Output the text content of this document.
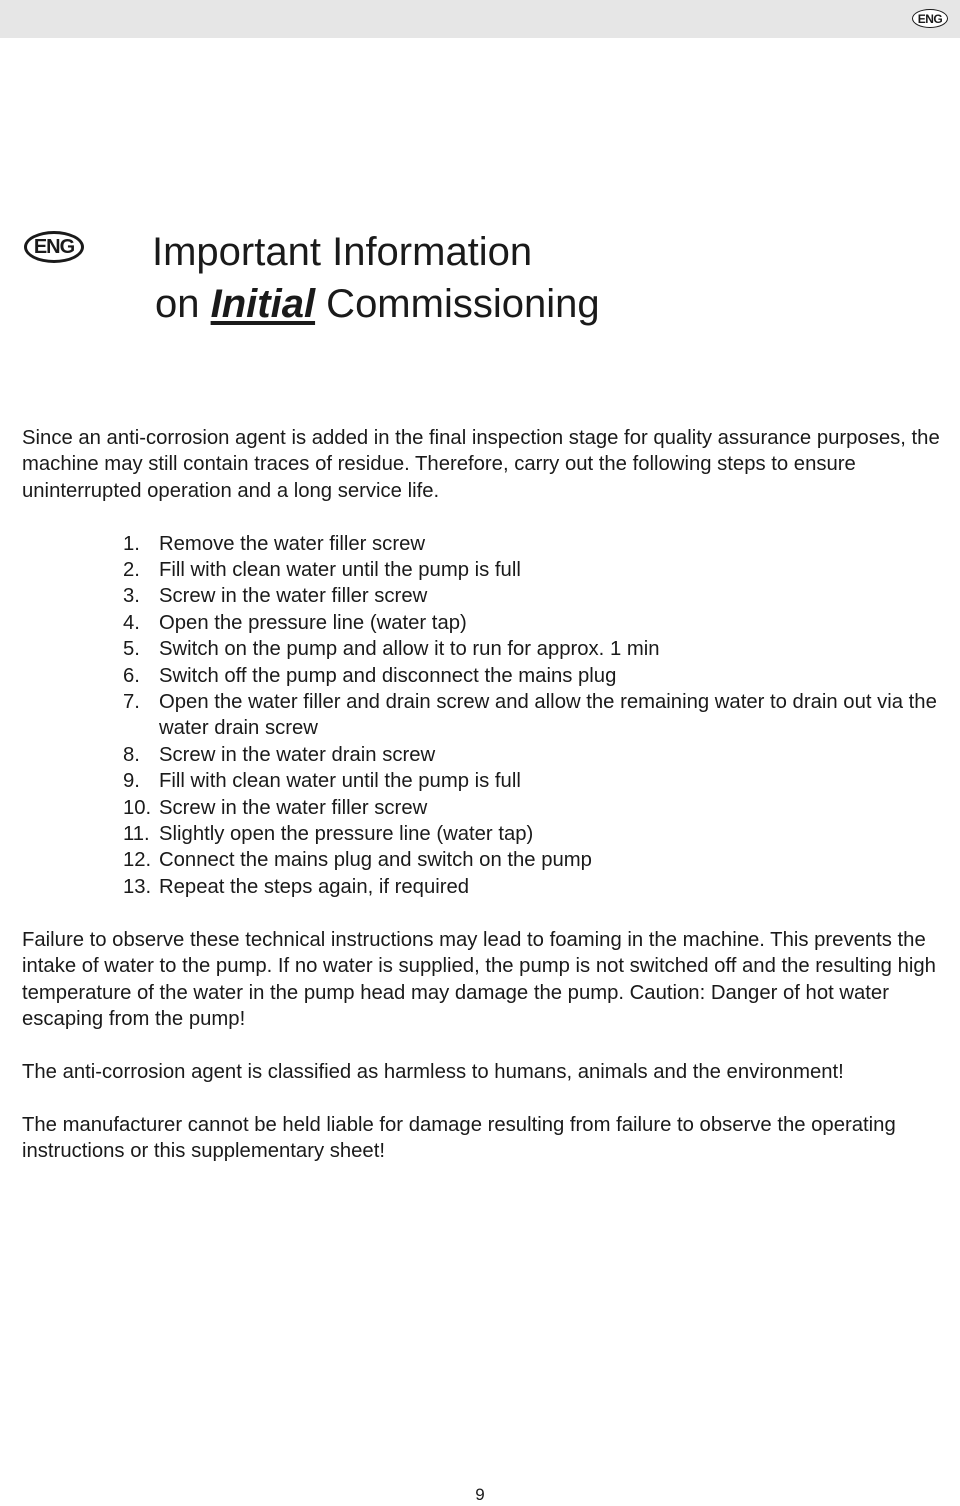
ENG
ENG Important Information
on Initial Commissioning

Since an anti-corrosion agent is added in the final inspection stage for quality assurance purposes, the machine may still contain traces of residue. Therefore, carry out the following steps to ensure uninterrupted operation and a long service life.

1. Remove the water filler screw
2. Fill with clean water until the pump is full
3. Screw in the water filler screw
4. Open the pressure line (water tap)
5. Switch on the pump and allow it to run for approx. 1 min
6. Switch off the pump and disconnect the mains plug
7. Open the water filler and drain screw and allow the remaining water to drain out via the water drain screw
8. Screw in the water drain screw
9. Fill with clean water until the pump is full
10. Screw in the water filler screw
11. Slightly open the pressure line (water tap)
12. Connect the mains plug and switch on the pump
13. Repeat the steps again, if required

Failure to observe these technical instructions may lead to foaming in the machine. This prevents the intake of water to the pump. If no water is supplied, the pump is not switched off and the resulting high temperature of the water in the pump head may damage the pump. Caution: Danger of hot water escaping from the pump!

The anti-corrosion agent is classified as harmless to humans, animals and the environment!

The manufacturer cannot be held liable for damage resulting from failure to observe the operating instructions or this supplementary sheet!

9
